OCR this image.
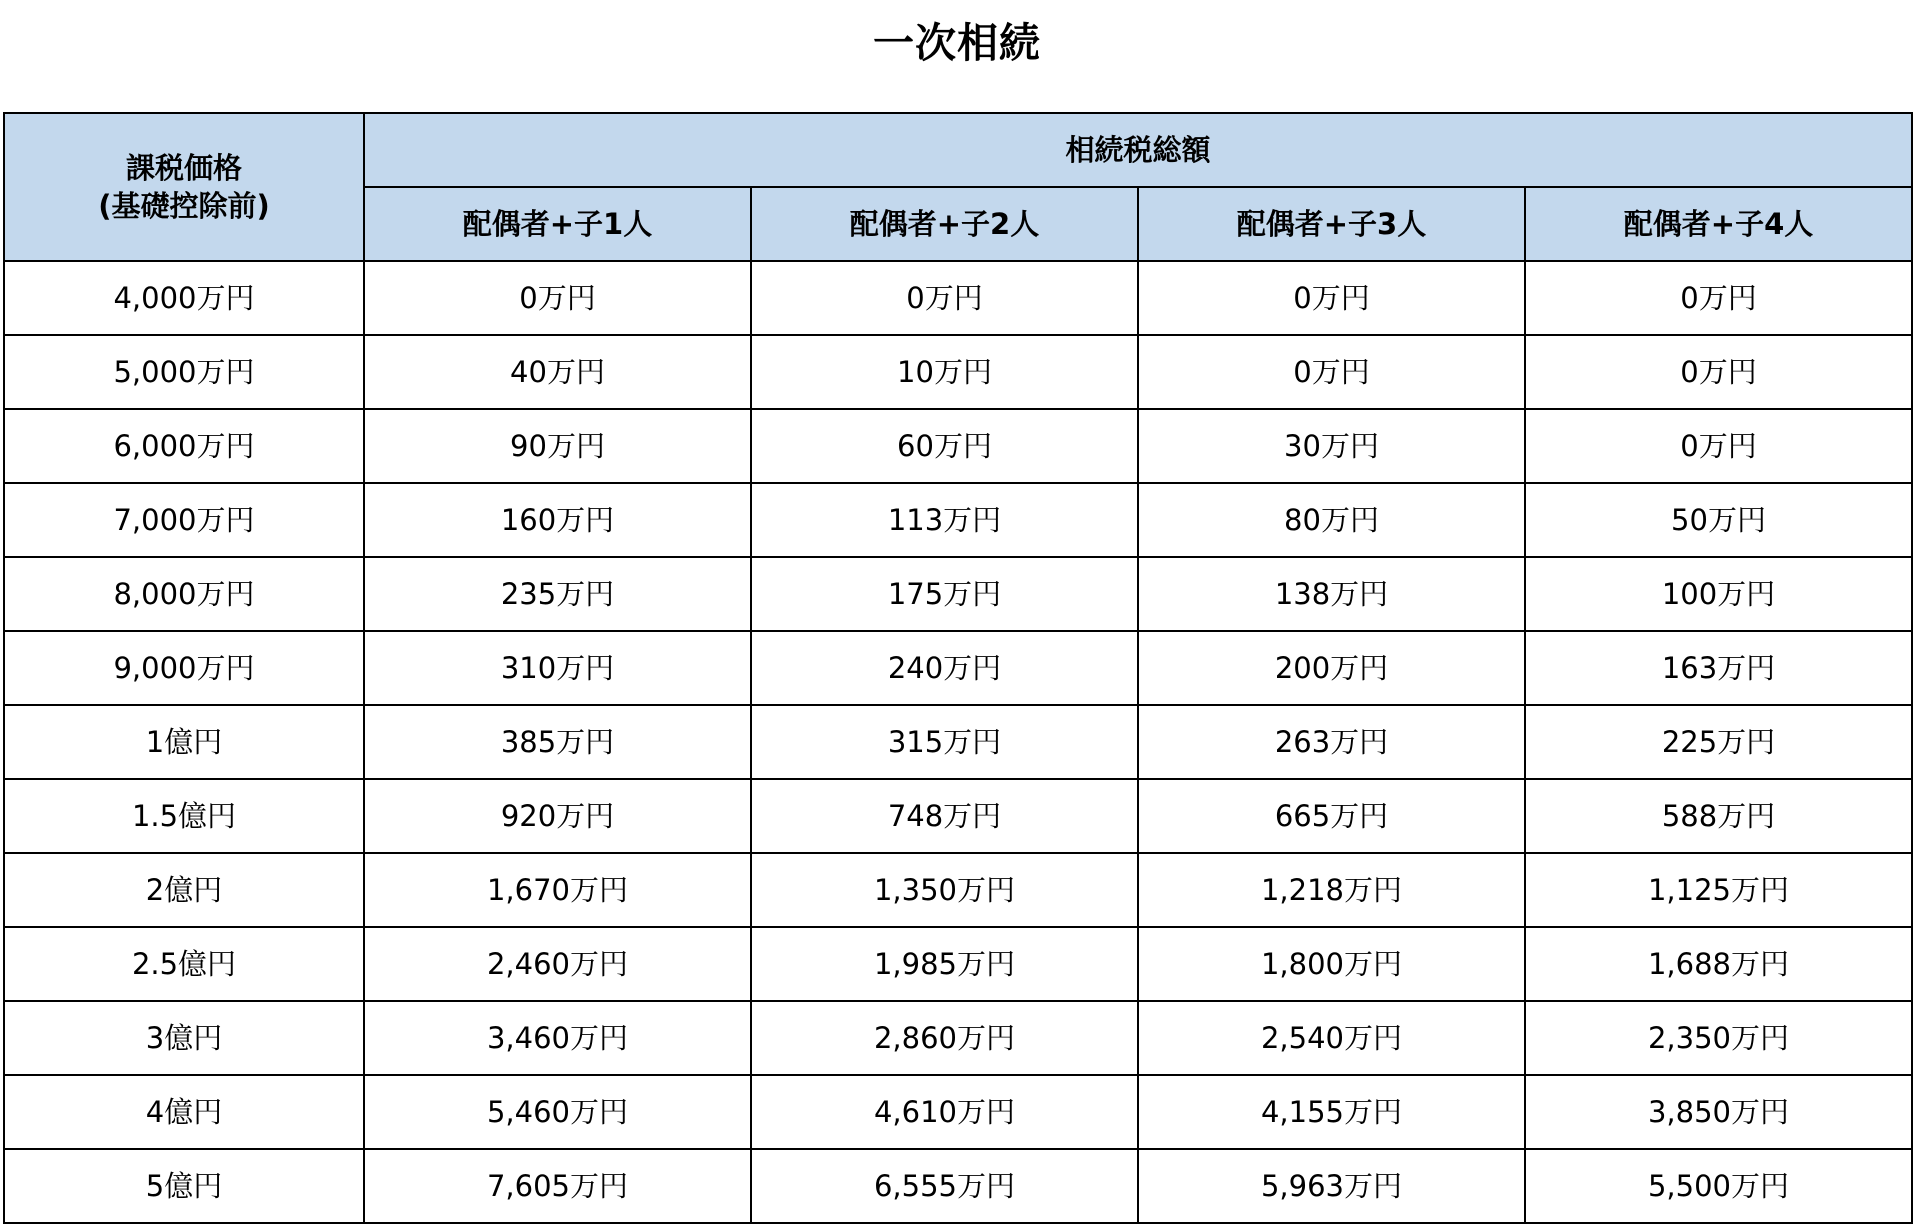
一次相続
課税価格
(基礎控除前)	相続税総額			
	配偶者+子1人	配偶者+子2人	配偶者+子3人	配偶者+子4人
4,000万円	0万円	0万円	0万円	0万円
5,000万円	40万円	10万円	0万円	0万円
6,000万円	90万円	60万円	30万円	0万円
7,000万円	160万円	113万円	80万円	50万円
8,000万円	235万円	175万円	138万円	100万円
9,000万円	310万円	240万円	200万円	163万円
1億円	385万円	315万円	263万円	225万円
1.5億円	920万円	748万円	665万円	588万円
2億円	1,670万円	1,350万円	1,218万円	1,125万円
2.5億円	2,460万円	1,985万円	1,800万円	1,688万円
3億円	3,460万円	2,860万円	2,540万円	2,350万円
4億円	5,460万円	4,610万円	4,155万円	3,850万円
5億円	7,605万円	6,555万円	5,963万円	5,500万円
